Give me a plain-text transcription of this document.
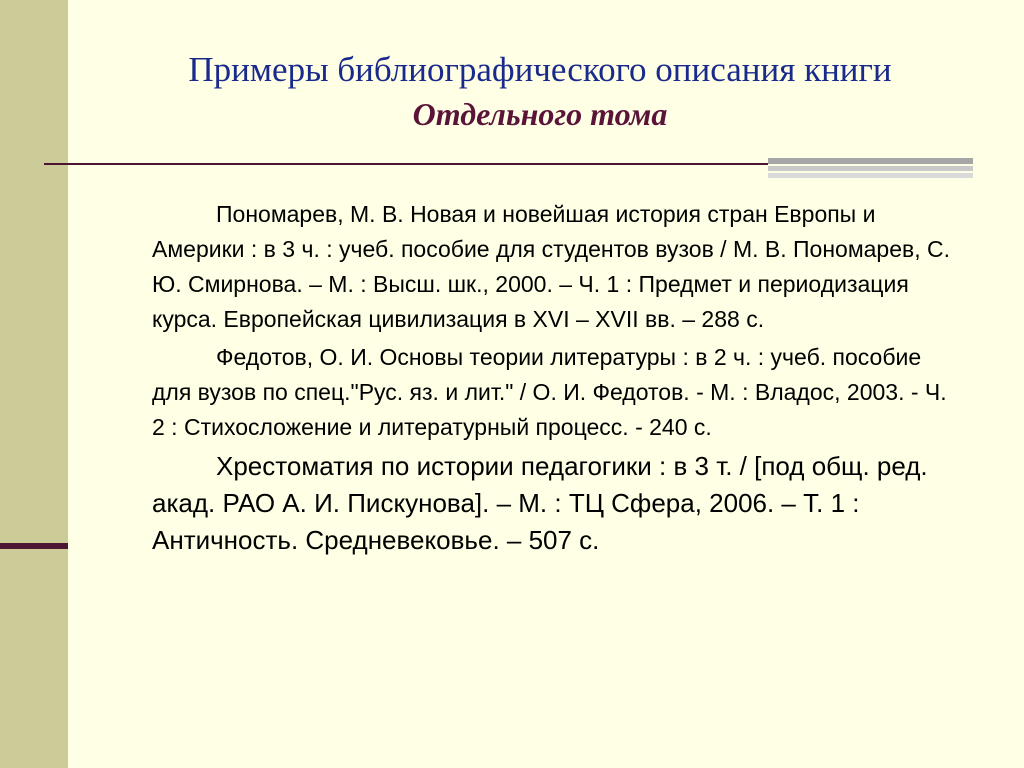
Примеры библиографического описания книги
Отдельного тома

Пономарев, М. В. Новая и новейшая история стран Европы и Америки : в 3 ч. : учеб. пособие для студентов вузов / М. В. Пономарев, С. Ю. Смирнова. – М. : Высш. шк., 2000. – Ч. 1 : Предмет и периодизация курса. Европейская цивилизация в XVI – XVII вв. – 288 с.

Федотов, О. И. Основы теории литературы : в 2 ч. : учеб. пособие для вузов по спец."Рус. яз. и лит." / О. И. Федотов. - М. : Владос, 2003. - Ч. 2 : Стихосложение и литературный процесс. - 240 с.

Хрестоматия по истории педагогики : в 3 т. / [под общ. ред. акад. РАО А. И. Пискунова]. – М. : ТЦ Сфера, 2006. – Т. 1 : Античность. Средневековье. – 507 с.
